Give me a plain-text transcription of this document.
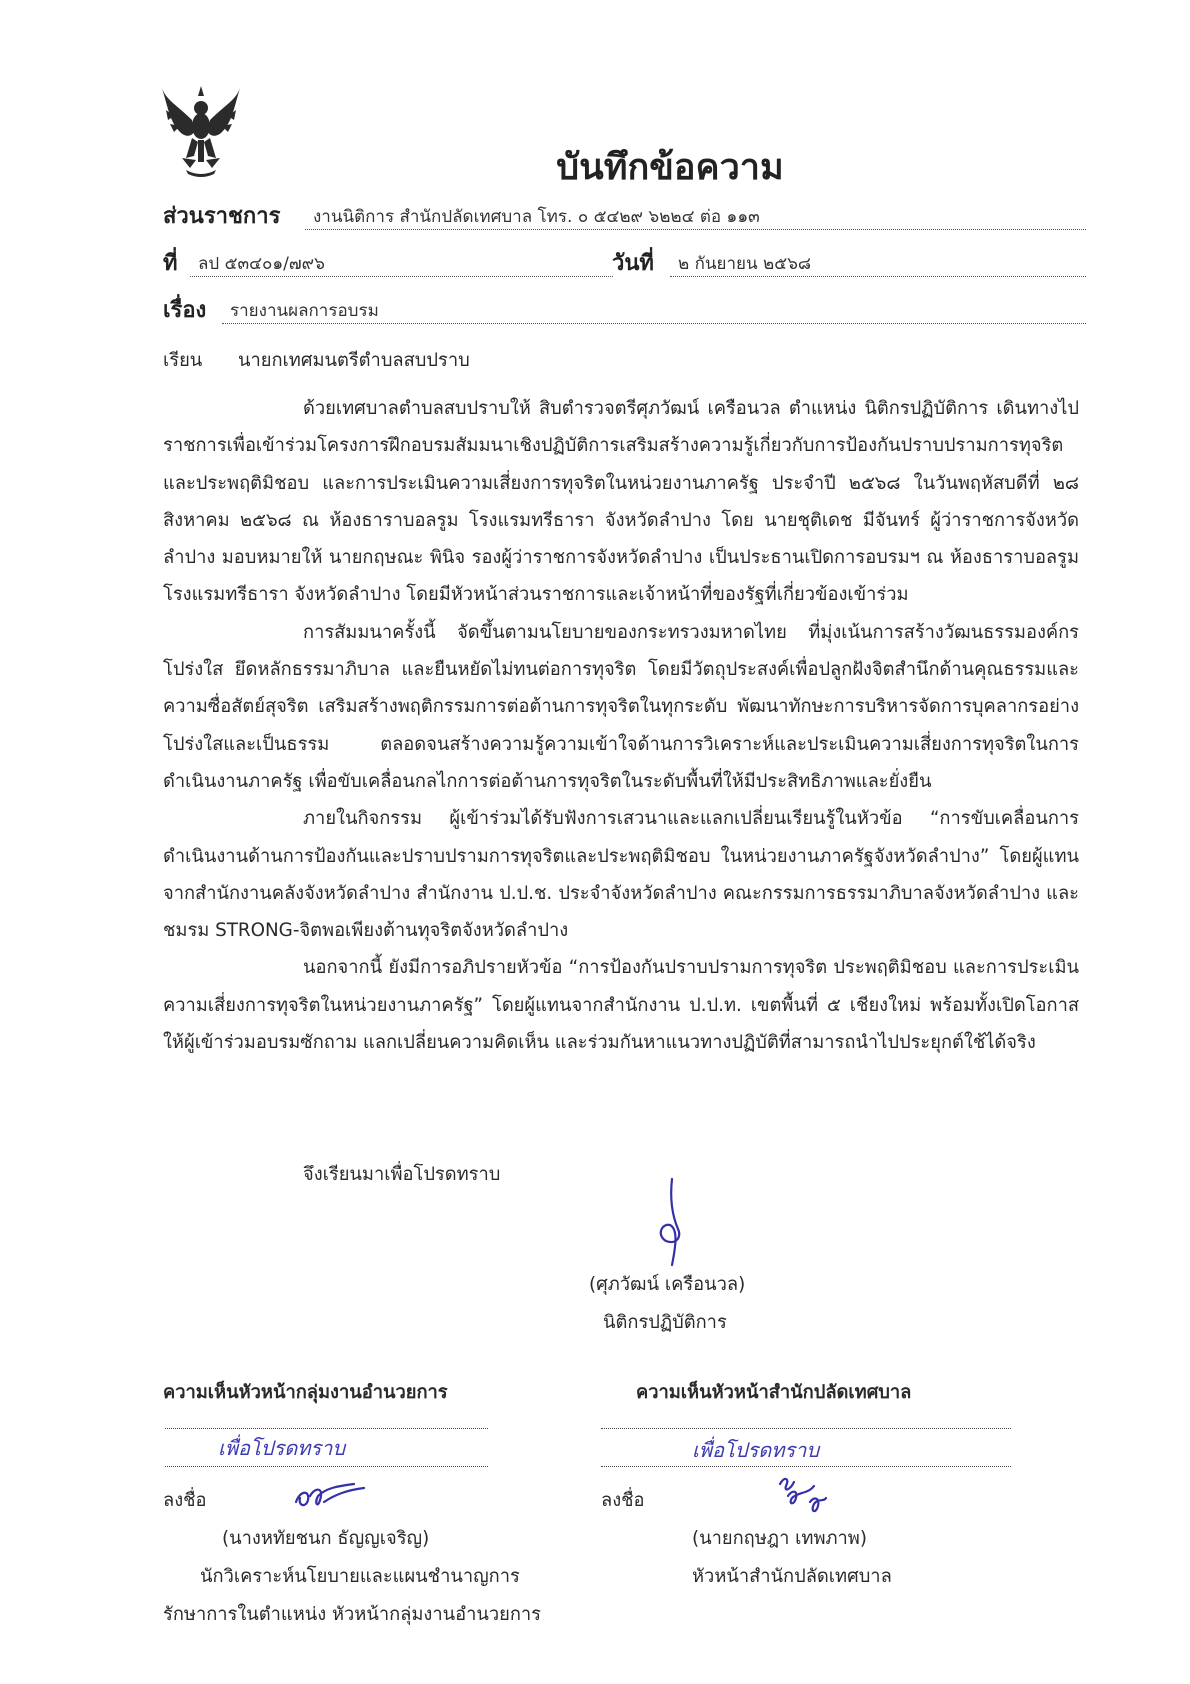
บันทึกข้อความ
ส่วนราชการ	งานนิติการ สำนักปลัดเทศบาล โทร. ๐ ๕๔๒๙ ๖๒๒๔ ต่อ ๑๑๓
ที่	ลป ๕๓๔๐๑/๗๙๖	วันที่	๒ กันยายน ๒๕๖๘
เรื่อง	รายงานผลการอบรม
เรียน นายกเทศมนตรีตำบลสบปราบ

ด้วยเทศบาลตำบลสบปราบให้ สิบตำรวจตรีศุภวัฒน์ เครือนวล ตำแหน่ง นิติกรปฏิบัติการ เดินทางไปราชการเพื่อเข้าร่วมโครงการฝึกอบรมสัมมนาเชิงปฏิบัติการเสริมสร้างความรู้เกี่ยวกับการป้องกันปราบปรามการทุจริตและประพฤติมิชอบ และการประเมินความเสี่ยงการทุจริตในหน่วยงานภาครัฐ ประจำปี ๒๕๖๘ ในวันพฤหัสบดีที่ ๒๘ สิงหาคม ๒๕๖๘ ณ ห้องธาราบอลรูม โรงแรมทรีธารา จังหวัดลำปาง โดย นายชุติเดช มีจันทร์ ผู้ว่าราชการจังหวัดลำปาง มอบหมายให้ นายกฤษณะ พินิจ รองผู้ว่าราชการจังหวัดลำปาง เป็นประธานเปิดการอบรมฯ ณ ห้องธาราบอลรูม โรงแรมทรีธารา จังหวัดลำปาง โดยมีหัวหน้าส่วนราชการและเจ้าหน้าที่ของรัฐที่เกี่ยวข้องเข้าร่วม

การสัมมนาครั้งนี้ จัดขึ้นตามนโยบายของกระทรวงมหาดไทย ที่มุ่งเน้นการสร้างวัฒนธรรมองค์กรโปร่งใส ยึดหลักธรรมาภิบาล และยืนหยัดไม่ทนต่อการทุจริต โดยมีวัตถุประสงค์เพื่อปลูกฝังจิตสำนึกด้านคุณธรรมและความซื่อสัตย์สุจริต เสริมสร้างพฤติกรรมการต่อต้านการทุจริตในทุกระดับ พัฒนาทักษะการบริหารจัดการบุคลากรอย่างโปร่งใสและเป็นธรรม ตลอดจนสร้างความรู้ความเข้าใจด้านการวิเคราะห์และประเมินความเสี่ยงการทุจริตในการดำเนินงานภาครัฐ เพื่อขับเคลื่อนกลไกการต่อต้านการทุจริตในระดับพื้นที่ให้มีประสิทธิภาพและยั่งยืน

ภายในกิจกรรม ผู้เข้าร่วมได้รับฟังการเสวนาและแลกเปลี่ยนเรียนรู้ในหัวข้อ “การขับเคลื่อนการดำเนินงานด้านการป้องกันและปราบปรามการทุจริตและประพฤติมิชอบ ในหน่วยงานภาครัฐจังหวัดลำปาง” โดยผู้แทนจากสำนักงานคลังจังหวัดลำปาง สำนักงาน ป.ป.ช. ประจำจังหวัดลำปาง คณะกรรมการธรรมาภิบาลจังหวัดลำปาง และชมรม STRONG-จิตพอเพียงต้านทุจริตจังหวัดลำปาง

นอกจากนี้ ยังมีการอภิปรายหัวข้อ “การป้องกันปราบปรามการทุจริต ประพฤติมิชอบ และการประเมินความเสี่ยงการทุจริตในหน่วยงานภาครัฐ” โดยผู้แทนจากสำนักงาน ป.ป.ท. เขตพื้นที่ ๕ เชียงใหม่ พร้อมทั้งเปิดโอกาสให้ผู้เข้าร่วมอบรมซักถาม แลกเปลี่ยนความคิดเห็น และร่วมกันหาแนวทางปฏิบัติที่สามารถนำไปประยุกต์ใช้ได้จริง

จึงเรียนมาเพื่อโปรดทราบ
(ศุภวัฒน์ เครือนวล)
นิติกรปฏิบัติการ
ความเห็นหัวหน้ากลุ่มงานอำนวยการ
เพื่อโปรดทราบ
ลงชื่อ
(นางหทัยชนก ธัญญเจริญ)
นักวิเคราะห์นโยบายและแผนชำนาญการ
รักษาการในตำแหน่ง หัวหน้ากลุ่มงานอำนวยการ
ความเห็นหัวหน้าสำนักปลัดเทศบาล
เพื่อโปรดทราบ
ลงชื่อ
(นายกฤษฎา เทพภาพ)
หัวหน้าสำนักปลัดเทศบาล
